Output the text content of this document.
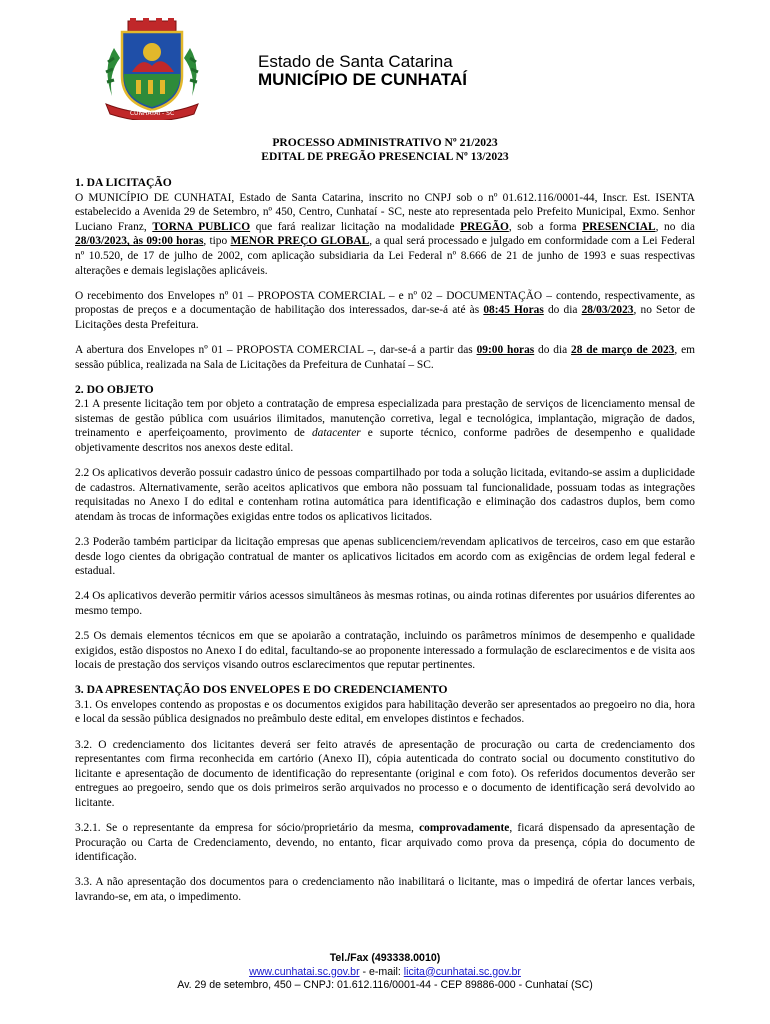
CUNHATAÍ - SC
Estado de Santa Catarina
MUNICÍPIO DE CUNHATAÍ
PROCESSO ADMINISTRATIVO Nº 21/2023
EDITAL DE PREGÃO PRESENCIAL Nº 13/2023
1. DA LICITAÇÃO

O MUNICÍPIO DE CUNHATAI, Estado de Santa Catarina, inscrito no CNPJ sob o nº 01.612.116/0001-44, Inscr. Est. ISENTA estabelecido a Avenida 29 de Setembro, nº 450, Centro, Cunhataí - SC, neste ato representada pelo Prefeito Municipal, Exmo. Senhor Luciano Franz, TORNA PUBLICO que fará realizar licitação na modalidade PREGÃO, sob a forma PRESENCIAL, no dia 28/03/2023, às 09:00 horas, tipo MENOR PREÇO GLOBAL, a qual será processado e julgado em conformidade com a Lei Federal nº 10.520, de 17 de julho de 2002, com aplicação subsidiaria da Lei Federal nº 8.666 de 21 de junho de 1993 e suas respectivas alterações e demais legislações aplicáveis.

O recebimento dos Envelopes nº 01 – PROPOSTA COMERCIAL – e nº 02 – DOCUMENTAÇÃO – contendo, respectivamente, as propostas de preços e a documentação de habilitação dos interessados, dar-se-á até às 08:45 Horas do dia 28/03/2023, no Setor de Licitações desta Prefeitura.

A abertura dos Envelopes nº 01 – PROPOSTA COMERCIAL –, dar-se-á a partir das 09:00 horas do dia 28 de março de 2023, em sessão pública, realizada na Sala de Licitações da Prefeitura de Cunhataí – SC.

2. DO OBJETO

2.1 A presente licitação tem por objeto a contratação de empresa especializada para prestação de serviços de licenciamento mensal de sistemas de gestão pública com usuários ilimitados, manutenção corretiva, legal e tecnológica, implantação, migração de dados, treinamento e aperfeiçoamento, provimento de datacenter e suporte técnico, conforme padrões de desempenho e qualidade objetivamente descritos nos anexos deste edital.

2.2 Os aplicativos deverão possuir cadastro único de pessoas compartilhado por toda a solução licitada, evitando-se assim a duplicidade de cadastros. Alternativamente, serão aceitos aplicativos que embora não possuam tal funcionalidade, possuam todas as integrações requisitadas no Anexo I do edital e contenham rotina automática para identificação e eliminação dos cadastros duplos, bem como atendam às trocas de informações exigidas entre todos os aplicativos licitados.

2.3 Poderão também participar da licitação empresas que apenas sublicenciem/revendam aplicativos de terceiros, caso em que estarão desde logo cientes da obrigação contratual de manter os aplicativos licitados em acordo com as exigências de ordem legal federal e estadual.

2.4 Os aplicativos deverão permitir vários acessos simultâneos às mesmas rotinas, ou ainda rotinas diferentes por usuários diferentes ao mesmo tempo.

2.5 Os demais elementos técnicos em que se apoiarão a contratação, incluindo os parâmetros mínimos de desempenho e qualidade exigidos, estão dispostos no Anexo I do edital, facultando-se ao proponente interessado a formulação de esclarecimentos e de visita aos locais de prestação dos serviços visando outros esclarecimentos que reputar pertinentes.

3. DA APRESENTAÇÃO DOS ENVELOPES E DO CREDENCIAMENTO

3.1. Os envelopes contendo as propostas e os documentos exigidos para habilitação deverão ser apresentados ao pregoeiro no dia, hora e local da sessão pública designados no preâmbulo deste edital, em envelopes distintos e fechados.

3.2. O credenciamento dos licitantes deverá ser feito através de apresentação de procuração ou carta de credenciamento dos representantes com firma reconhecida em cartório (Anexo II), cópia autenticada do contrato social ou documento constitutivo do licitante e apresentação de documento de identificação do representante (original e com foto). Os referidos documentos deverão ser entregues ao pregoeiro, sendo que os dois primeiros serão arquivados no processo e o documento de identificação será devolvido ao licitante.

3.2.1. Se o representante da empresa for sócio/proprietário da mesma, comprovadamente, ficará dispensado da apresentação de Procuração ou Carta de Credenciamento, devendo, no entanto, ficar arquivado como prova da presença, cópia do documento de identificação.

3.3. A não apresentação dos documentos para o credenciamento não inabilitará o licitante, mas o impedirá de ofertar lances verbais, lavrando-se, em ata, o impedimento.

Tel./Fax (493338.0010)
www.cunhatai.sc.gov.br - e-mail: licita@cunhatai.sc.gov.br
Av. 29 de setembro, 450 – CNPJ: 01.612.116/0001-44 - CEP 89886-000 - Cunhataí (SC)
